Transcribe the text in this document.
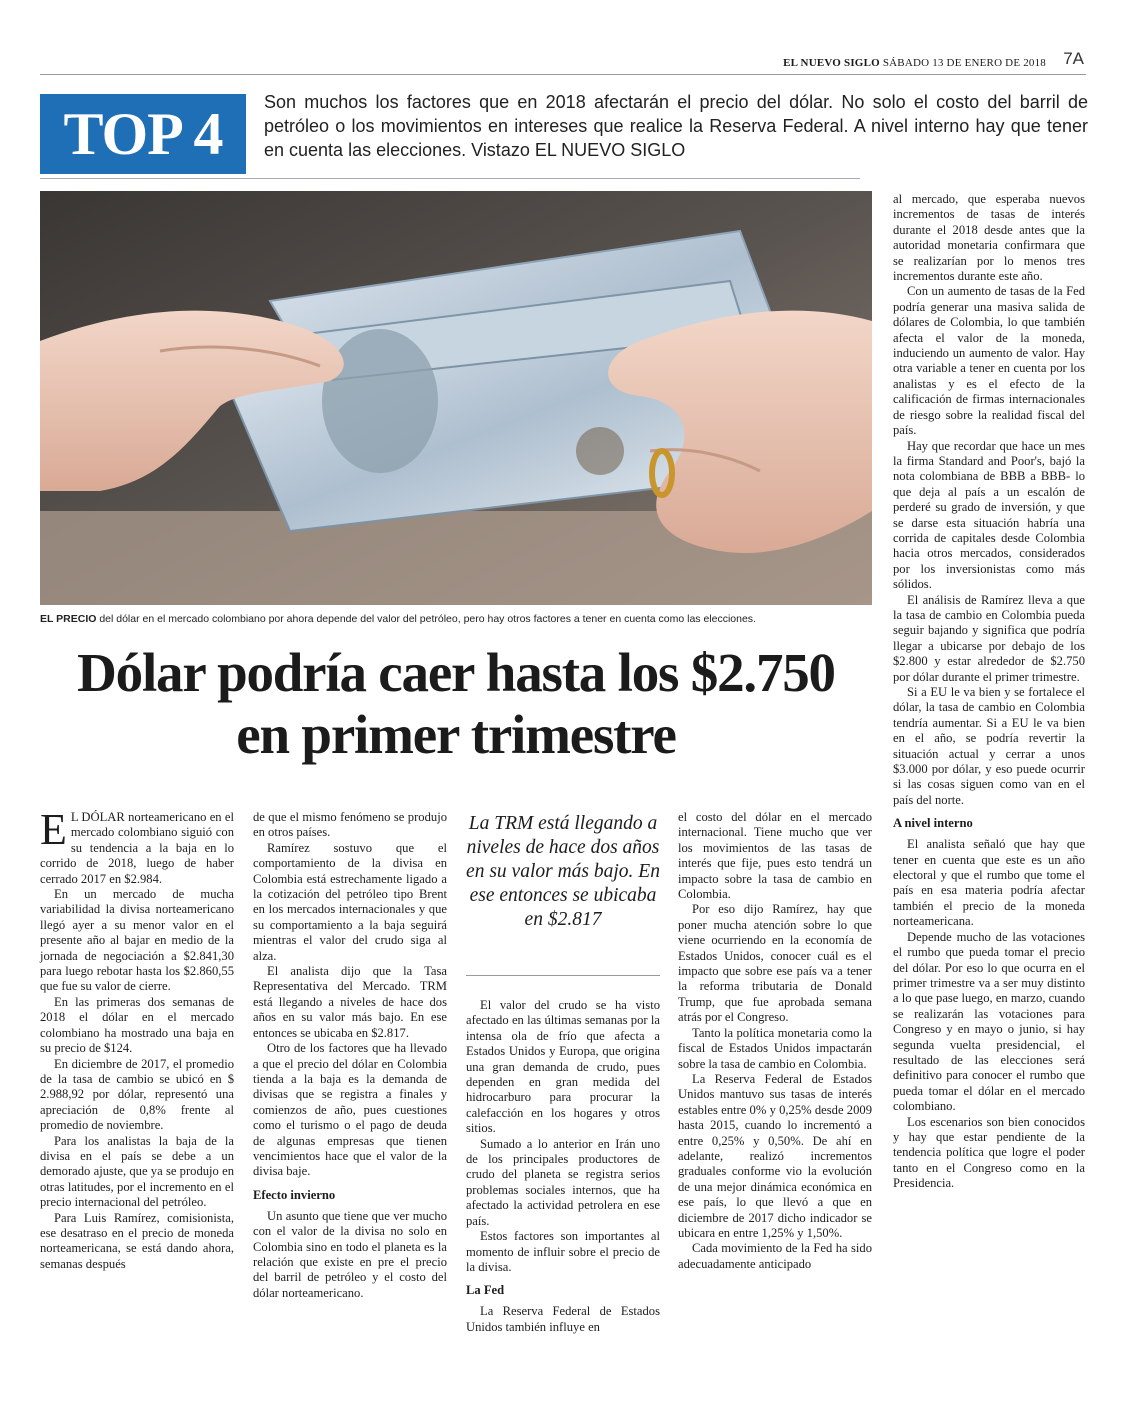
EL NUEVO SIGLO SÁBADO 13 DE ENERO DE 2018 7A
TOP 4	Son muchos los factores que en 2018 afectarán el precio del dólar. No solo el costo del barril de petróleo o los movimientos en intereses que realice la Reserva Federal. A nivel interno hay que tener en cuenta las elecciones. Vistazo EL NUEVO SIGLO
EL PRECIO del dólar en el mercado colombiano por ahora depende del valor del petróleo, pero hay otros factores a tener en cuenta como las elecciones.
Dólar podría caer hasta los $2.750
en primer trimestre

E L DÓLAR norteamericano en el mercado colombiano siguió con su tendencia a la baja en lo corrido de 2018, luego de haber cerrado 2017 en $2.984.

En un mercado de mucha variabilidad la divisa norteamericano llegó ayer a su menor valor en el presente año al bajar en medio de la jornada de negociación a $2.841,30 para luego rebotar hasta los $2.860,55 que fue su valor de cierre.

En las primeras dos semanas de 2018 el dólar en el mercado colombiano ha mostrado una baja en su precio de $124.

En diciembre de 2017, el promedio de la tasa de cambio se ubicó en $ 2.988,92 por dólar, representó una apreciación de 0,8% frente al promedio de noviembre.

Para los analistas la baja de la divisa en el país se debe a un demorado ajuste, que ya se produjo en otras latitudes, por el incremento en el precio internacional del petróleo.

Para Luis Ramírez, comisionista, ese desatraso en el precio de moneda norteamericana, se está dando ahora, semanas después

de que el mismo fenómeno se produjo en otros países.

Ramírez sostuvo que el comportamiento de la divisa en Colombia está estrechamente ligado a la cotización del petróleo tipo Brent en los mercados internacionales y que su comportamiento a la baja seguirá mientras el valor del crudo siga al alza.

El analista dijo que la Tasa Representativa del Mercado. TRM está llegando a niveles de hace dos años en su valor más bajo. En ese entonces se ubicaba en $2.817.

Otro de los factores que ha llevado a que el precio del dólar en Colombia tienda a la baja es la demanda de divisas que se registra a finales y comienzos de año, pues cuestiones como el turismo o el pago de deuda de algunas empresas que tienen vencimientos hace que el valor de la divisa baje.

Efecto invierno

Un asunto que tiene que ver mucho con el valor de la divisa no solo en Colombia sino en todo el planeta es la relación que existe en pre el precio del barril de petróleo y el costo del dólar norteamericano.

La TRM está llegando a niveles de hace dos años en su valor más bajo. En ese entonces se ubicaba en $2.817

El valor del crudo se ha visto afectado en las últimas semanas por la intensa ola de frío que afecta a Estados Unidos y Europa, que origina una gran demanda de crudo, pues dependen en gran medida del hidrocarburo para procurar la calefacción en los hogares y otros sitios.

Sumado a lo anterior en Irán uno de los principales productores de crudo del planeta se registra serios problemas sociales internos, que ha afectado la actividad petrolera en ese país.

Estos factores son importantes al momento de influir sobre el precio de la divisa.

La Fed

La Reserva Federal de Estados Unidos también influye en

el costo del dólar en el mercado internacional. Tiene mucho que ver los movimientos de las tasas de interés que fije, pues esto tendrá un impacto sobre la tasa de cambio en Colombia.

Por eso dijo Ramírez, hay que poner mucha atención sobre lo que viene ocurriendo en la economía de Estados Unidos, conocer cuál es el impacto que sobre ese país va a tener la reforma tributaria de Donald Trump, que fue aprobada semana atrás por el Congreso.

Tanto la política monetaria como la fiscal de Estados Unidos impactarán sobre la tasa de cambio en Colombia.

La Reserva Federal de Estados Unidos mantuvo sus tasas de interés estables entre 0% y 0,25% desde 2009 hasta 2015, cuando lo incrementó a entre 0,25% y 0,50%. De ahí en adelante, realizó incrementos graduales conforme vio la evolución de una mejor dinámica económica en ese país, lo que llevó a que en diciembre de 2017 dicho indicador se ubicara en entre 1,25% y 1,50%.

Cada movimiento de la Fed ha sido adecuadamente anticipado

al mercado, que esperaba nuevos incrementos de tasas de interés durante el 2018 desde antes que la autoridad monetaria confirmara que se realizarían por lo menos tres incrementos durante este año.

Con un aumento de tasas de la Fed podría generar una masiva salida de dólares de Colombia, lo que también afecta el valor de la moneda, induciendo un aumento de valor. Hay otra variable a tener en cuenta por los analistas y es el efecto de la calificación de firmas internacionales de riesgo sobre la realidad fiscal del país.

Hay que recordar que hace un mes la firma Standard and Poor's, bajó la nota colombiana de BBB a BBB- lo que deja al país a un escalón de perderé su grado de inversión, y que se darse esta situación habría una corrida de capitales desde Colombia hacia otros mercados, considerados por los inversionistas como más sólidos.

El análisis de Ramírez lleva a que la tasa de cambio en Colombia pueda seguir bajando y significa que podría llegar a ubicarse por debajo de los $2.800 y estar alrededor de $2.750 por dólar durante el primer trimestre.

Si a EU le va bien y se fortalece el dólar, la tasa de cambio en Colombia tendría aumentar. Si a EU le va bien en el año, se podría revertir la situación actual y cerrar a unos $3.000 por dólar, y eso puede ocurrir si las cosas siguen como van en el país del norte.

A nivel interno

El analista señaló que hay que tener en cuenta que este es un año electoral y que el rumbo que tome el país en esa materia podría afectar también el precio de la moneda norteamericana.

Depende mucho de las votaciones el rumbo que pueda tomar el precio del dólar. Por eso lo que ocurra en el primer trimestre va a ser muy distinto a lo que pase luego, en marzo, cuando se realizarán las votaciones para Congreso y en mayo o junio, si hay segunda vuelta presidencial, el resultado de las elecciones será definitivo para conocer el rumbo que pueda tomar el dólar en el mercado colombiano.

Los escenarios son bien conocidos y hay que estar pendiente de la tendencia política que logre el poder tanto en el Congreso como en la Presidencia.
